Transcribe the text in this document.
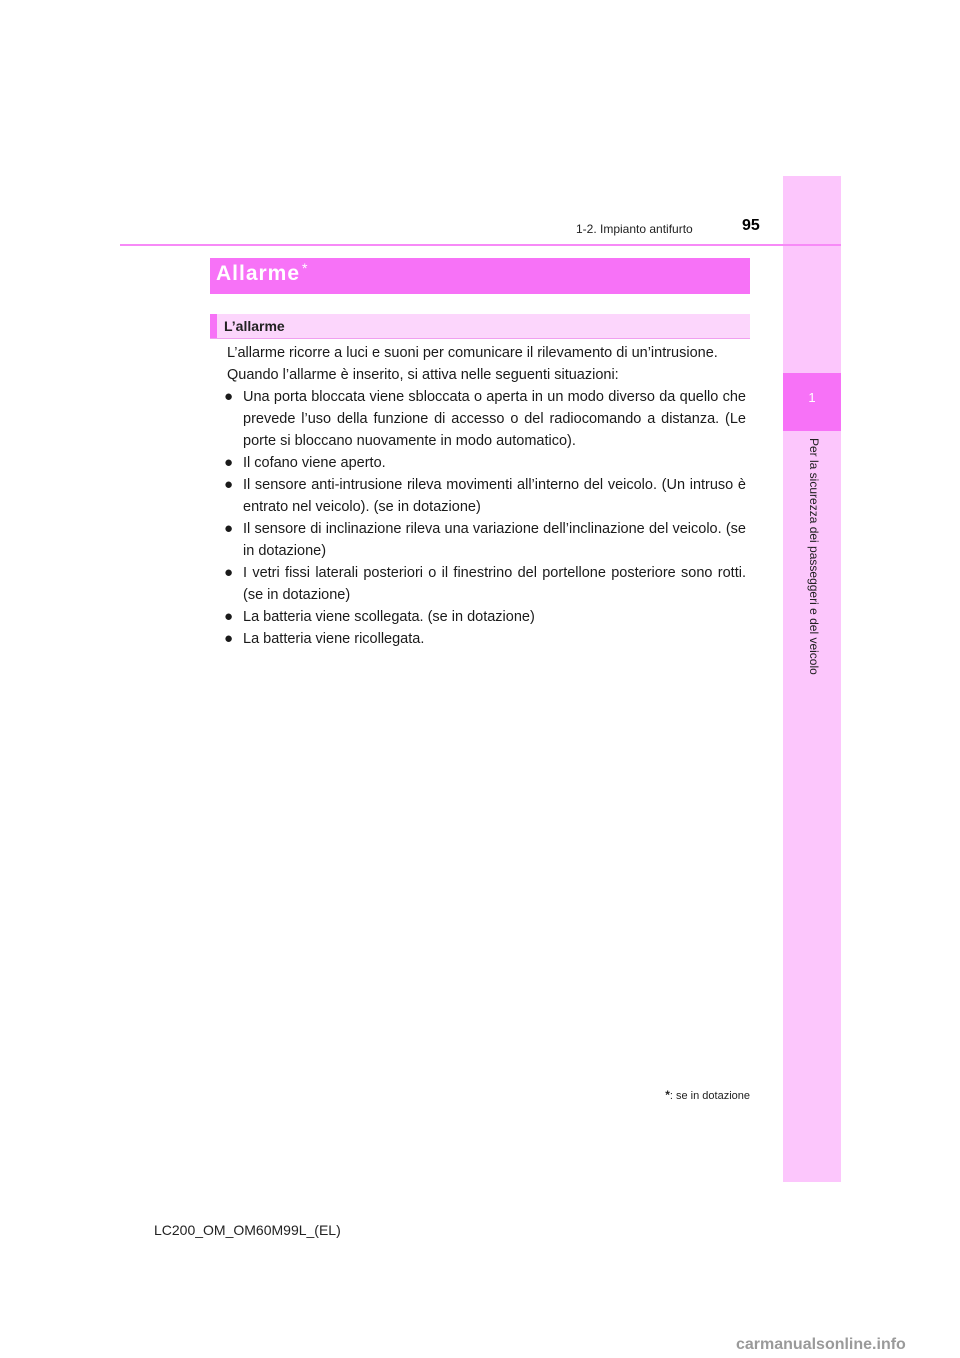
1
Per la sicurezza dei passeggeri e del veicolo
1-2. Impianto antifurto	95
Allarme *
L’allarme

L’allarme ricorre a luci e suoni per comunicare il rilevamento di un’intrusione.

Quando l’allarme è inserito, si attiva nelle seguenti situazioni:

● Una porta bloccata viene sbloccata o aperta in un modo diverso da quello che prevede l’uso della funzione di accesso o del radiocomando a distanza. (Le porte si bloccano nuovamente in modo automatico).
● Il cofano viene aperto.
● Il sensore anti-intrusione rileva movimenti all’interno del veicolo. (Un intruso è entrato nel veicolo). (se in dotazione)
● Il sensore di inclinazione rileva una variazione dell’inclinazione del veicolo. (se in dotazione)
● I vetri fissi laterali posteriori o il finestrino del portellone posteriore sono rotti. (se in dotazione)
● La batteria viene scollegata. (se in dotazione)
● La batteria viene ricollegata.
*: se in dotazione
LC200_OM_OM60M99L_(EL)
carmanualsonline.info
